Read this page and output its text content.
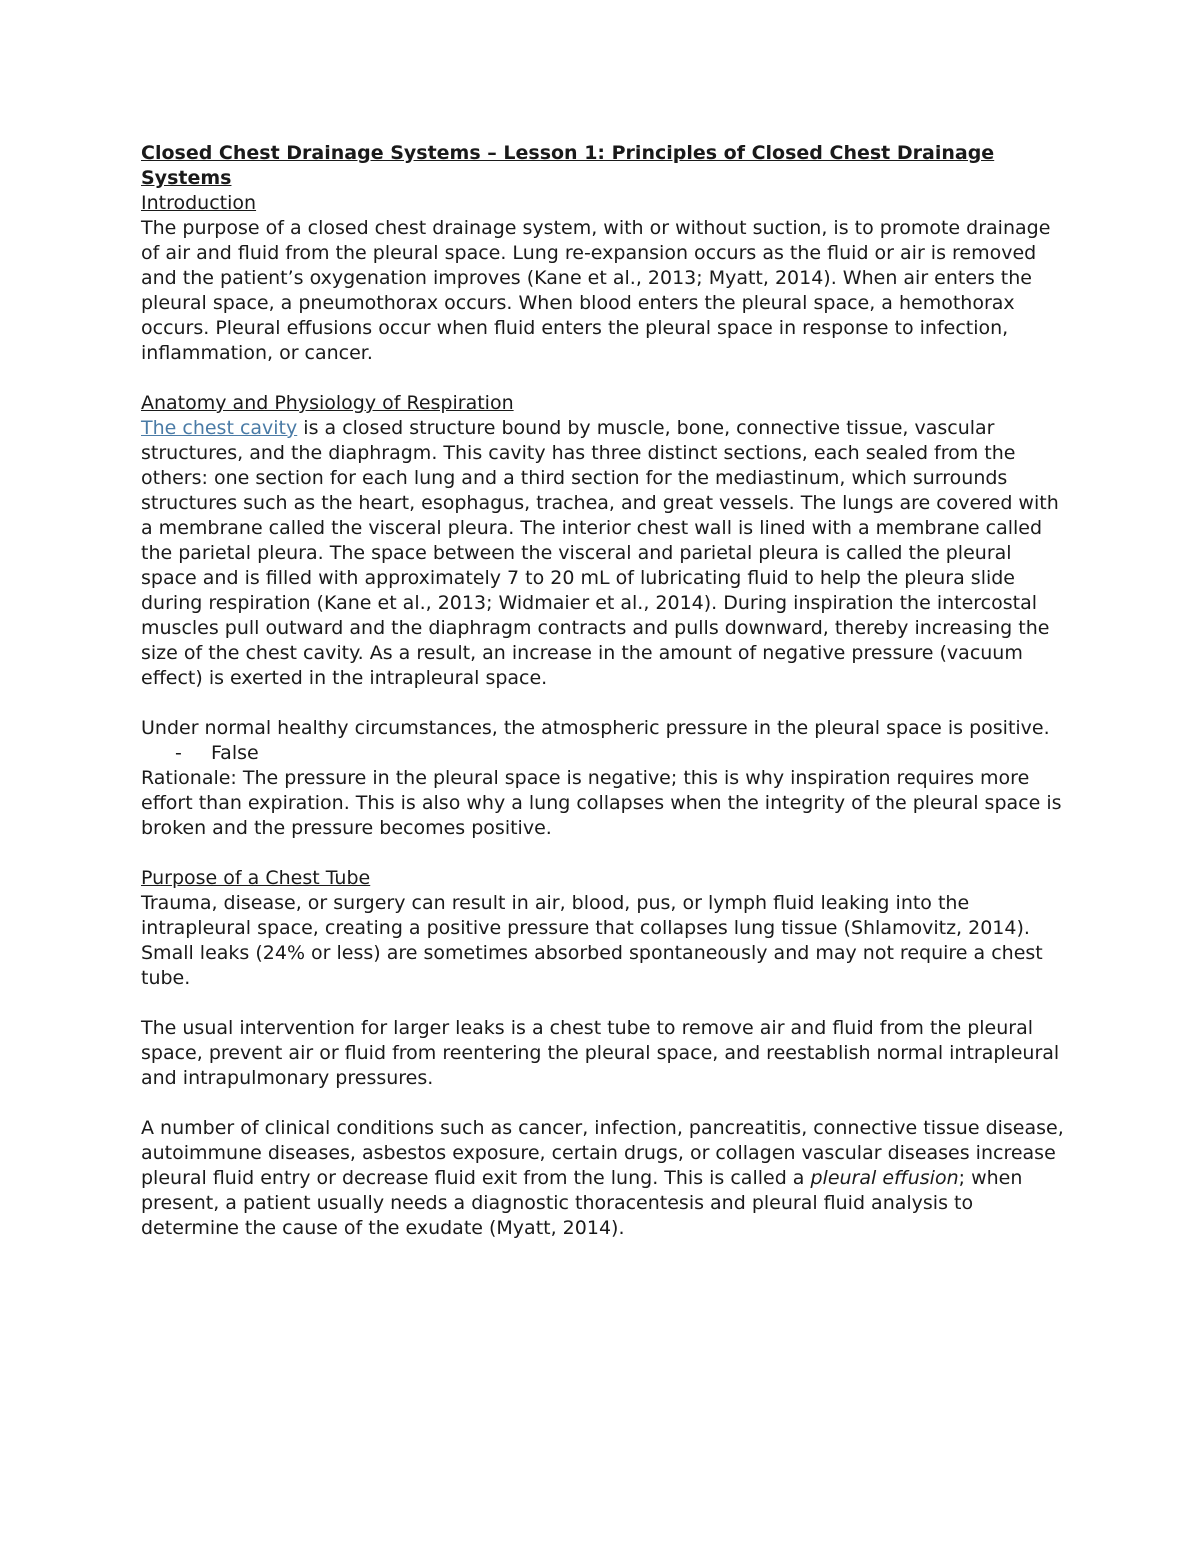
Closed Chest Drainage Systems – Lesson 1: Principles of Closed Chest Drainage Systems
Introduction

The purpose of a closed chest drainage system, with or without suction, is to promote drainage of air and fluid from the pleural space. Lung re-expansion occurs as the fluid or air is removed and the patient’s oxygenation improves (Kane et al., 2013; Myatt, 2014). When air enters the pleural space, a pneumothorax occurs. When blood enters the pleural space, a hemothorax occurs. Pleural effusions occur when fluid enters the pleural space in response to infection, inflammation, or cancer.

Anatomy and Physiology of Respiration

The chest cavity is a closed structure bound by muscle, bone, connective tissue, vascular structures, and the diaphragm. This cavity has three distinct sections, each sealed from the others: one section for each lung and a third section for the mediastinum, which surrounds structures such as the heart, esophagus, trachea, and great vessels. The lungs are covered with a membrane called the visceral pleura. The interior chest wall is lined with a membrane called the parietal pleura. The space between the visceral and parietal pleura is called the pleural space and is filled with approximately 7 to 20 mL of lubricating fluid to help the pleura slide during respiration (Kane et al., 2013; Widmaier et al., 2014). During inspiration the intercostal muscles pull outward and the diaphragm contracts and pulls downward, thereby increasing the size of the chest cavity. As a result, an increase in the amount of negative pressure (vacuum effect) is exerted in the intrapleural space.

Under normal healthy circumstances, the atmospheric pressure in the pleural space is positive.

-	False

Rationale: The pressure in the pleural space is negative; this is why inspiration requires more effort than expiration. This is also why a lung collapses when the integrity of the pleural space is broken and the pressure becomes positive.

Purpose of a Chest Tube

Trauma, disease, or surgery can result in air, blood, pus, or lymph fluid leaking into the intrapleural space, creating a positive pressure that collapses lung tissue (Shlamovitz, 2014). Small leaks (24% or less) are sometimes absorbed spontaneously and may not require a chest tube.

The usual intervention for larger leaks is a chest tube to remove air and fluid from the pleural space, prevent air or fluid from reentering the pleural space, and reestablish normal intrapleural and intrapulmonary pressures.

A number of clinical conditions such as cancer, infection, pancreatitis, connective tissue disease, autoimmune diseases, asbestos exposure, certain drugs, or collagen vascular diseases increase pleural fluid entry or decrease fluid exit from the lung. This is called a pleural effusion; when present, a patient usually needs a diagnostic thoracentesis and pleural fluid analysis to determine the cause of the exudate (Myatt, 2014).
